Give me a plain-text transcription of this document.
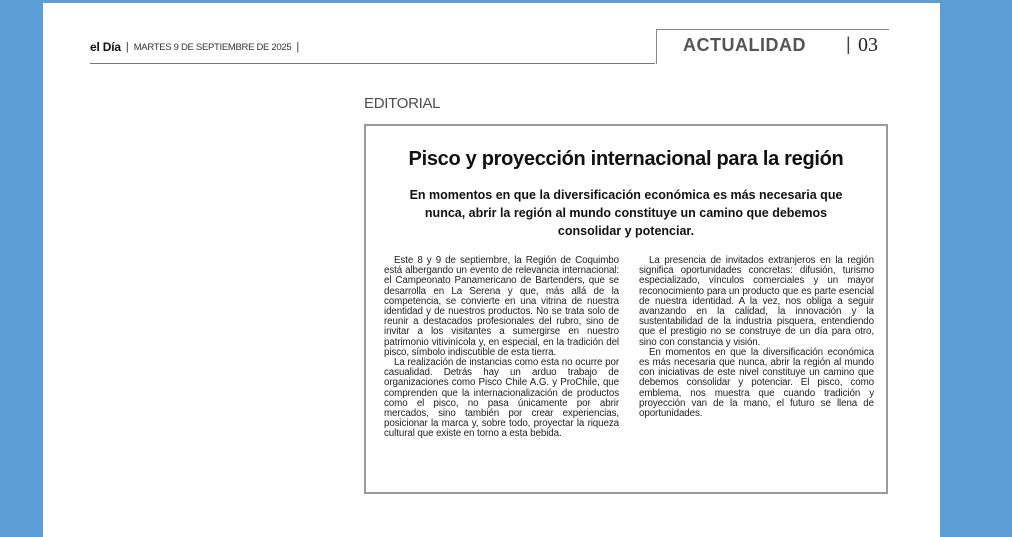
el Día | MARTES 9 DE SEPTIEMBRE DE 2025 |	ACTUALIDAD | 03
EDITORIAL
Pisco y proyección internacional para la región
En momentos en que la diversificación económica es más necesaria que nunca, abrir la región al mundo constituye un camino que debemos consolidar y potenciar.

Este 8 y 9 de septiembre, la Región de Coquimbo está albergando un evento de relevancia internacional: el Campeonato Panamericano de Bartenders, que se desarrolla en La Serena y que, más allá de la competencia, se convierte en una vitrina de nuestra identidad y de nuestros productos. No se trata solo de reunir a destacados profesionales del rubro, sino de invitar a los visitantes a sumergirse en nuestro patrimonio vitivinícola y, en especial, en la tradición del pisco, símbolo indiscutible de esta tierra.

La realización de instancias como esta no ocurre por casualidad. Detrás hay un arduo trabajo de organizaciones como Pisco Chile A.G. y ProChile, que comprenden que la internacionalización de productos como el pisco, no pasa únicamente por abrir mercados, sino también por crear experiencias, posicionar la marca y, sobre todo, proyectar la riqueza cultural que existe en torno a esta bebida.

La presencia de invitados extranjeros en la región significa oportunidades concretas: difusión, turismo especializado, vínculos comerciales y un mayor reconocimiento para un producto que es parte esencial de nuestra identidad. A la vez, nos obliga a seguir avanzando en la calidad, la innovación y la sustentabilidad de la industria pisquera, entendiendo que el prestigio no se construye de un día para otro, sino con constancia y visión.

En momentos en que la diversificación económica es más necesaria que nunca, abrir la región al mundo con iniciativas de este nivel constituye un camino que debemos consolidar y potenciar. El pisco, como emblema, nos muestra que cuando tradición y proyección van de la mano, el futuro se llena de oportunidades.
